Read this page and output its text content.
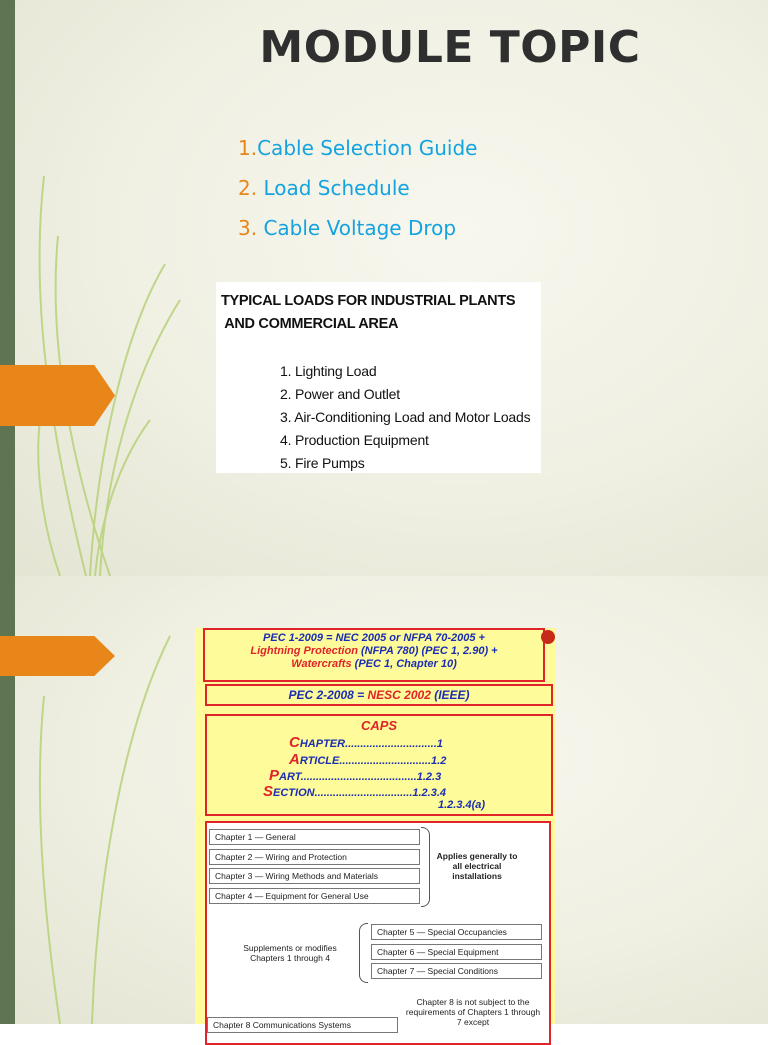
MODULE TOPIC
1.Cable Selection Guide
2. Load Schedule
3. Cable Voltage Drop
TYPICAL LOADS FOR INDUSTRIAL PLANTS
AND COMMERCIAL AREA
1. Lighting Load
2. Power and Outlet
3. Air-Conditioning Load and Motor Loads
4. Production Equipment
5. Fire Pumps
PEC 1-2009 = NEC 2005 or NFPA 70-2005 +
Lightning Protection (NFPA 780) (PEC 1, 2.90) +
Watercrafts (PEC 1, Chapter 10)
PEC 2-2008 = NESC 2002 (IEEE)
CAPS
CHAPTER..............................1
ARTICLE..............................1.2
PART......................................1.2.3
SECTION................................1.2.3.4
1.2.3.4(a)
Chapter 1 — General
Chapter 2 — Wiring and Protection
Chapter 3 — Wiring Methods and Materials
Chapter 4 — Equipment for General Use
Applies generally to all electrical installations
Supplements or modifies Chapters 1 through 4
Chapter 5 — Special Occupancies
Chapter 6 — Special Equipment
Chapter 7 — Special Conditions
Chapter 8 is not subject to the requirements of Chapters 1 through 7 except
Chapter 8 Communications Systems
